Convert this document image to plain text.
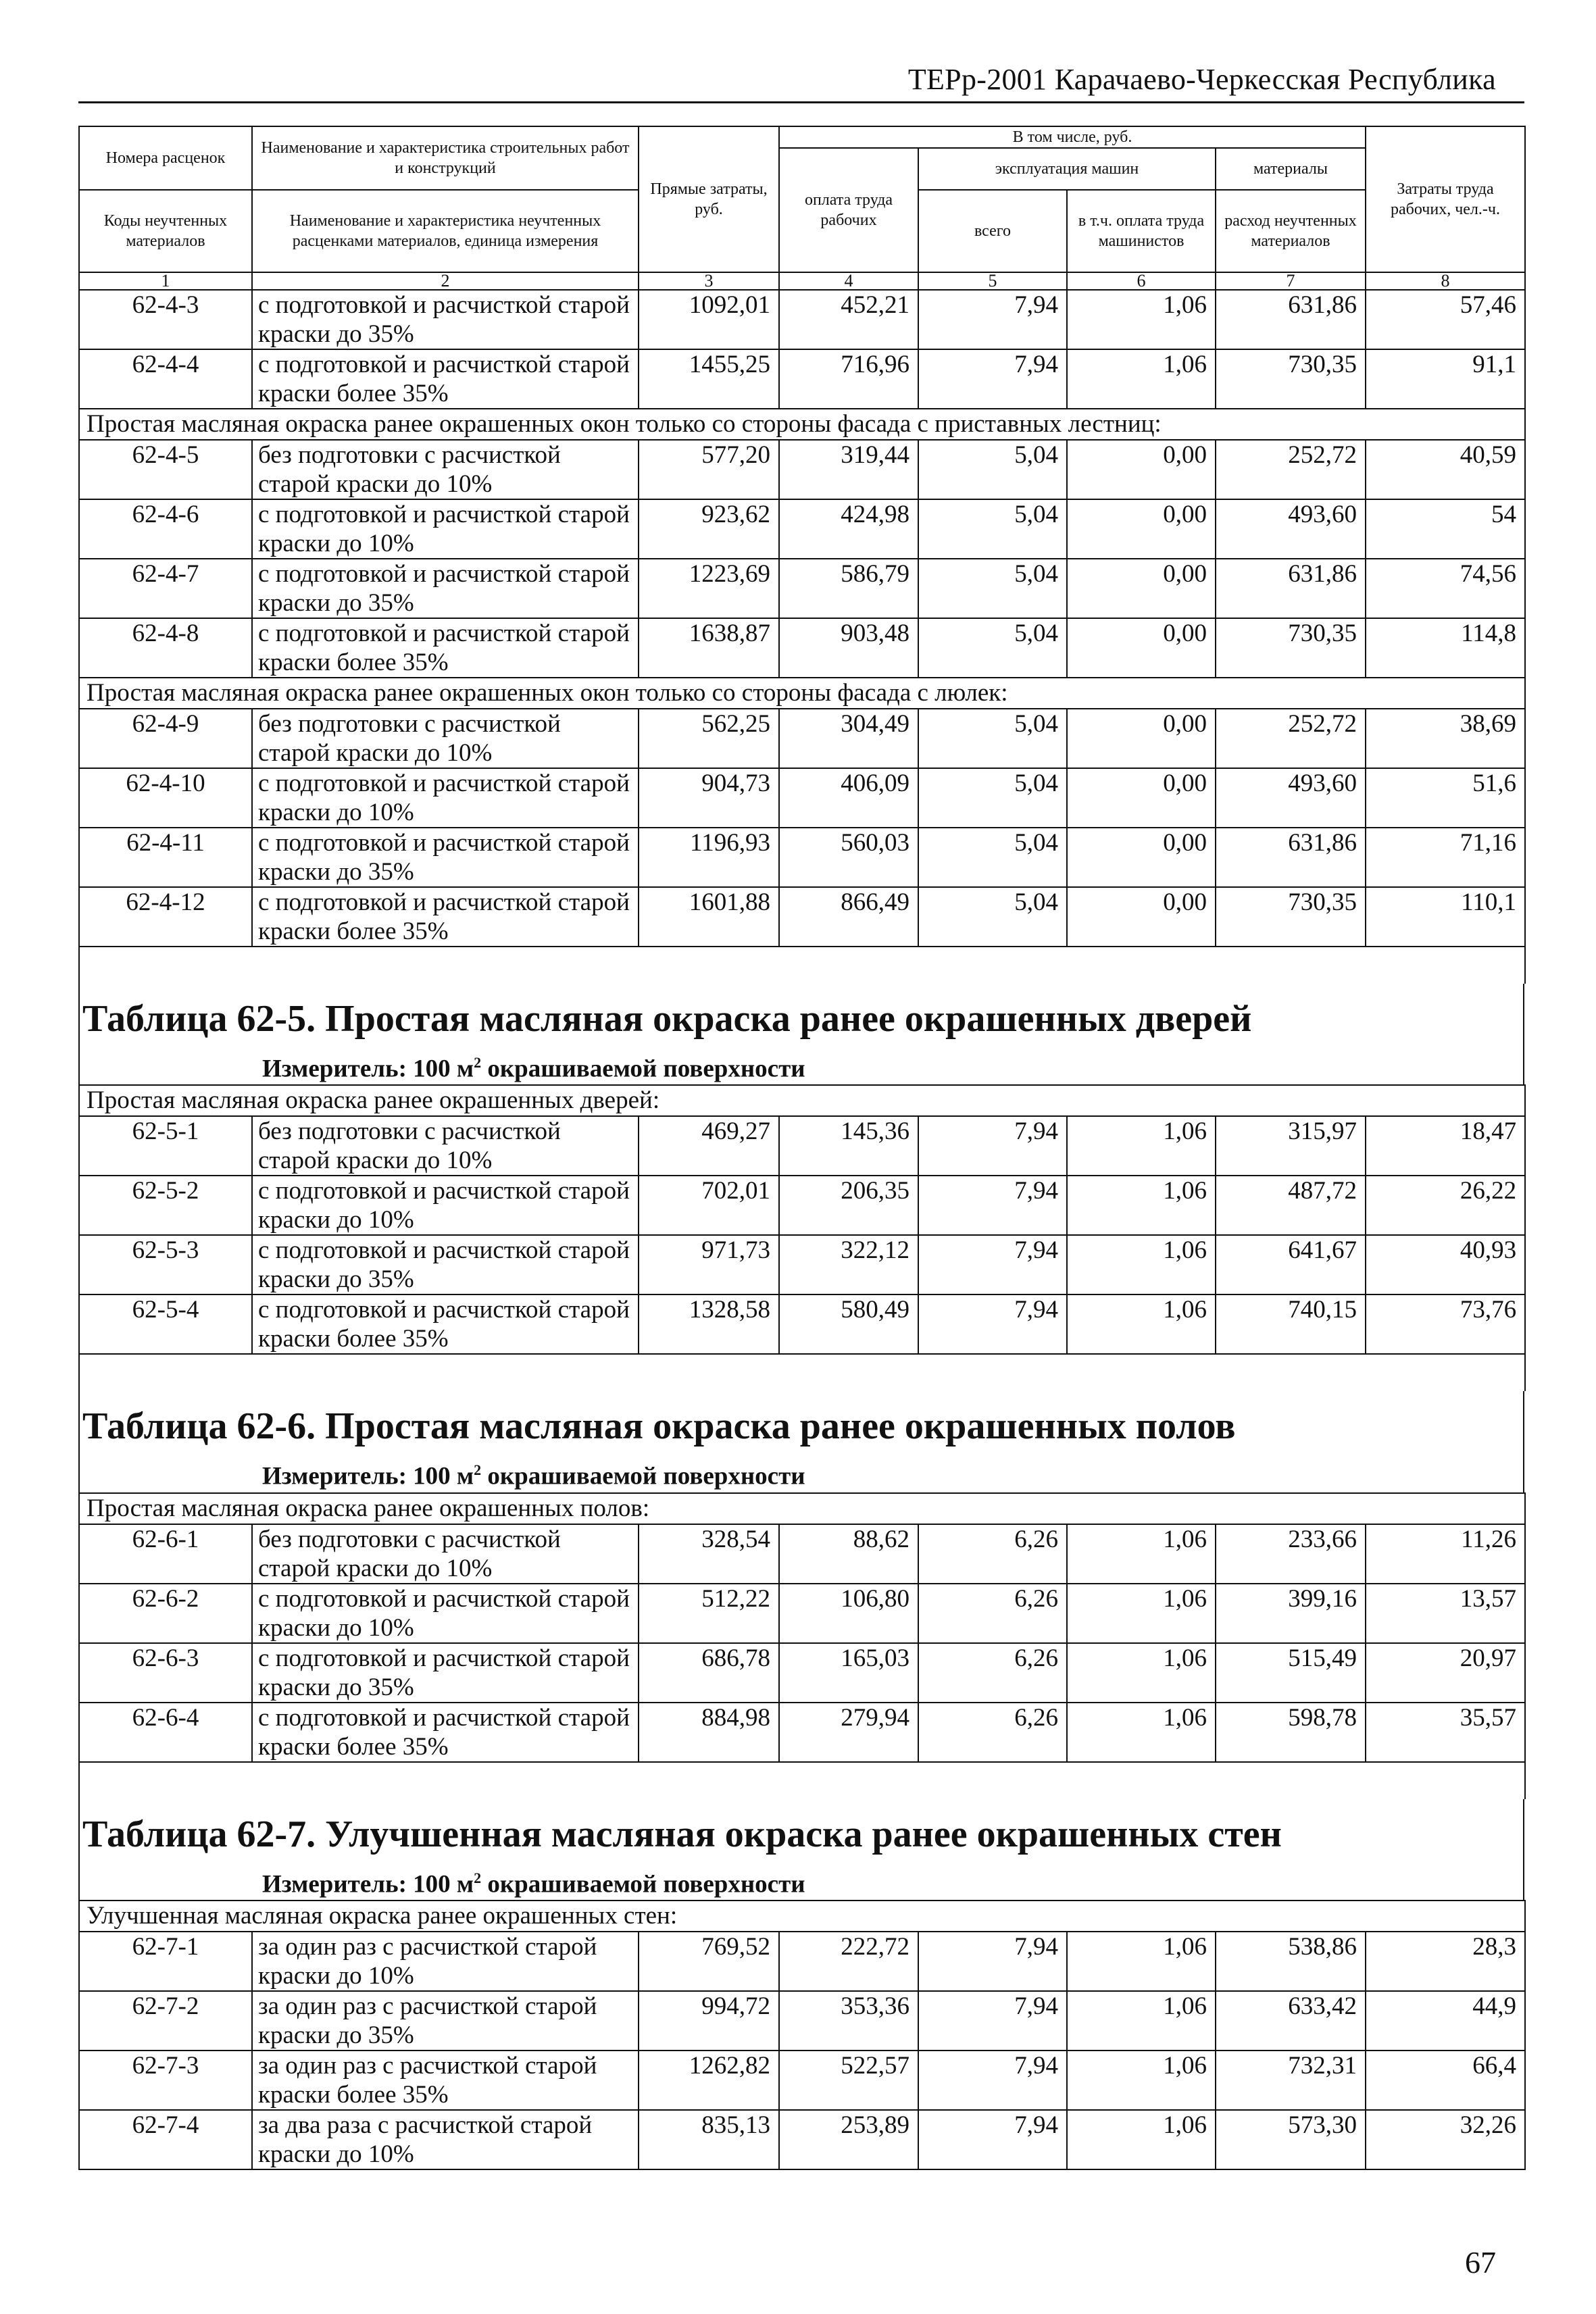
ТЕРр-2001 Карачаево-Черкесская Республика
Номера расценок	Наименование и характеристика строительных работ и конструкций	Прямые затраты, руб.	В том числе, руб.				Затраты труда рабочих, чел.-ч.
			оплата труда рабочих	эксплуатация машин		материалы	
Коды неучтенных материалов	Наименование и характеристика неучтенных расценками материалов, единица измерения			всего	в т.ч. оплата труда машинистов	расход неучтенных материалов	

1	2	3	4	5	6	7	8
62-4-3	с подготовкой и расчисткой старой краски до 35%	1092,01	452,21	7,94	1,06	631,86	57,46
62-4-4	с подготовкой и расчисткой старой краски более 35%	1455,25	716,96	7,94	1,06	730,35	91,1
Простая масляная окраска ранее окрашенных окон только со стороны фасада с приставных лестниц:							
62-4-5	без подготовки с расчисткой старой краски до 10%	577,20	319,44	5,04	0,00	252,72	40,59
62-4-6	с подготовкой и расчисткой старой краски до 10%	923,62	424,98	5,04	0,00	493,60	54
62-4-7	с подготовкой и расчисткой старой краски до 35%	1223,69	586,79	5,04	0,00	631,86	74,56
62-4-8	с подготовкой и расчисткой старой краски более 35%	1638,87	903,48	5,04	0,00	730,35	114,8
Простая масляная окраска ранее окрашенных окон только со стороны фасада с люлек:							
62-4-9	без подготовки с расчисткой старой краски до 10%	562,25	304,49	5,04	0,00	252,72	38,69
62-4-10	с подготовкой и расчисткой старой краски до 10%	904,73	406,09	5,04	0,00	493,60	51,6
62-4-11	с подготовкой и расчисткой старой краски до 35%	1196,93	560,03	5,04	0,00	631,86	71,16
62-4-12	с подготовкой и расчисткой старой краски более 35%	1601,88	866,49	5,04	0,00	730,35	110,1

Таблица 62-5. Простая масляная окраска ранее окрашенных дверей
Измеритель: 100 $м^2$ окрашиваемой поверхности
Простая масляная окраска ранее окрашенных дверей:							
62-5-1	без подготовки с расчисткой старой краски до 10%	469,27	145,36	7,94	1,06	315,97	18,47
62-5-2	с подготовкой и расчисткой старой краски до 10%	702,01	206,35	7,94	1,06	487,72	26,22
62-5-3	с подготовкой и расчисткой старой краски до 35%	971,73	322,12	7,94	1,06	641,67	40,93
62-5-4	с подготовкой и расчисткой старой краски более 35%	1328,58	580,49	7,94	1,06	740,15	73,76

Таблица 62-6. Простая масляная окраска ранее окрашенных полов
Измеритель: 100 $м^2$ окрашиваемой поверхности
Простая масляная окраска ранее окрашенных полов:							
62-6-1	без подготовки с расчисткой старой краски до 10%	328,54	88,62	6,26	1,06	233,66	11,26
62-6-2	с подготовкой и расчисткой старой краски до 10%	512,22	106,80	6,26	1,06	399,16	13,57
62-6-3	с подготовкой и расчисткой старой краски до 35%	686,78	165,03	6,26	1,06	515,49	20,97
62-6-4	с подготовкой и расчисткой старой краски более 35%	884,98	279,94	6,26	1,06	598,78	35,57

Таблица 62-7. Улучшенная масляная окраска ранее окрашенных стен
Измеритель: 100 $м^2$ окрашиваемой поверхности
Улучшенная масляная окраска ранее окрашенных стен:							
62-7-1	за один раз с расчисткой старой краски до 10%	769,52	222,72	7,94	1,06	538,86	28,3
62-7-2	за один раз с расчисткой старой краски до 35%	994,72	353,36	7,94	1,06	633,42	44,9
62-7-3	за один раз с расчисткой старой краски более 35%	1262,82	522,57	7,94	1,06	732,31	66,4
62-7-4	за два раза с расчисткой старой краски до 10%	835,13	253,89	7,94	1,06	573,30	32,26
67
